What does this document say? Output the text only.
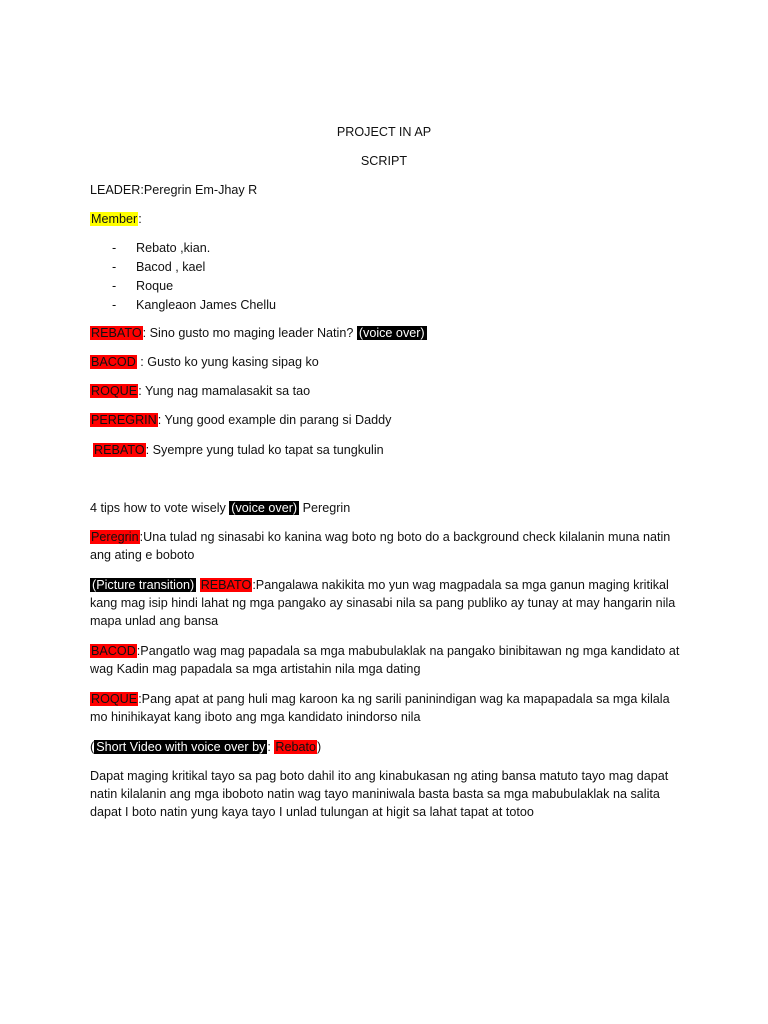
PROJECT IN AP
SCRIPT
LEADER:Peregrin Em-Jhay R
Member:
- Rebato ,kian.
- Bacod , kael
- Roque
- Kangleaon James Chellu
REBATO: Sino gusto mo maging leader Natin? (voice over)
BACOD : Gusto ko yung kasing sipag ko
ROQUE: Yung nag mamalasakit sa tao
PEREGRIN: Yung good example din parang si Daddy
REBATO: Syempre yung tulad ko tapat sa tungkulin
4 tips how to vote wisely (voice over) Peregrin
Peregrin:Una tulad ng sinasabi ko kanina wag boto ng boto do a background check kilalanin muna natin ang ating e boboto
(Picture transition) REBATO:Pangalawa nakikita mo yun wag magpadala sa mga ganun maging kritikal kang mag isip hindi lahat ng mga pangako ay sinasabi nila sa pang publiko ay tunay at may hangarin nila mapa unlad ang bansa
BACOD:Pangatlo wag mag papadala sa mga mabubulaklak na pangako binibitawan ng mga kandidato at wag Kadin mag papadala sa mga artistahin nila mga dating
ROQUE:Pang apat at pang huli mag karoon ka ng sarili paninindigan wag ka mapapadala sa mga kilala mo hinihikayat kang iboto ang mga kandidato inindorso nila
( Short Video with voice over by : Rebato)
Dapat maging kritikal tayo sa pag boto dahil ito ang kinabukasan ng ating bansa matuto tayo mag dapat natin kilalanin ang mga iboboto natin wag tayo maniniwala basta basta sa mga mabubulaklak na salita dapat I boto natin yung kaya tayo I unlad tulungan at higit sa lahat tapat at totoo
